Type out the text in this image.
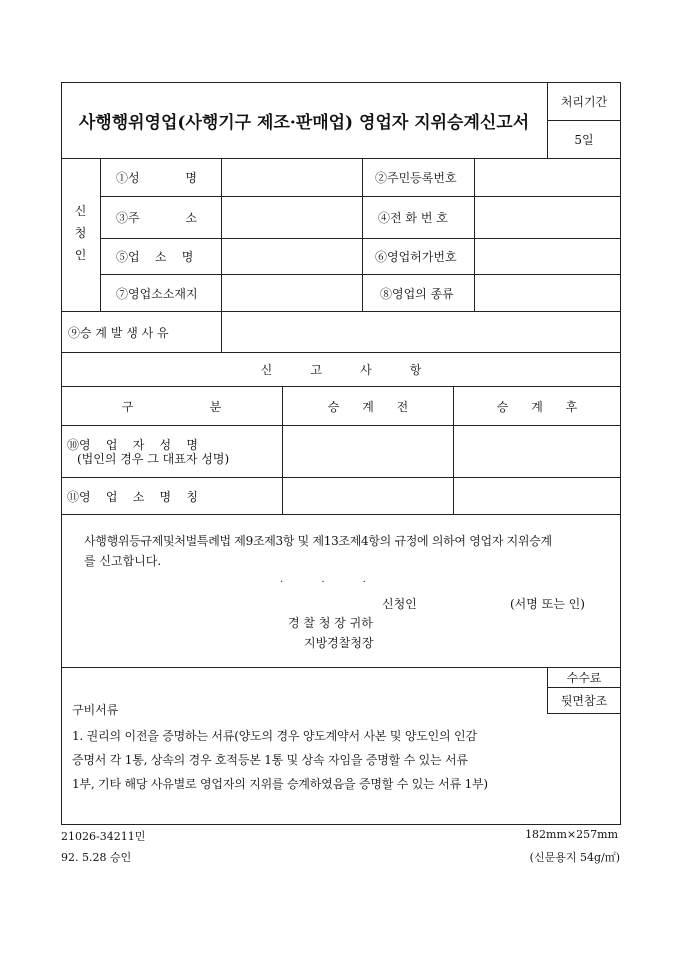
사행행위영업(사행기구 제조·판매업) 영업자 지위승계신고서
처리기간
5일
신
청
인
①성            명	②주민등록번호
③주            소	④전 화 번 호
⑤업    소    명	⑥영업허가번호
⑦영업소소재지	⑧영업의 종류
⑨승 계 발 생 사 유
신          고          사          항
구                    분	승      계      전	승      계      후
⑩영    업    자    성    명
(법인의 경우 그 대표자 성명)
⑪영    업    소    명    칭
사행행위등규제및처벌특례법 제9조제3항 및 제13조제4항의 규정에 의하여 영업자 지위승계
를 신고합니다.
.            .            .
신청인	(서명 또는 인)
경 찰 청 장 귀하
지방경찰청장
수수료
뒷면참조
구비서류
1. 권리의 이전을 증명하는 서류(양도의 경우 양도계약서 사본 및 양도인의 인감
증명서 각 1통, 상속의 경우 호적등본 1통 및 상속 자임을 증명할 수 있는 서류
1부, 기타 해당 사유별로 영업자의 지위를 승계하였음을 증명할 수 있는 서류 1부)
21026-34211민
92. 5.28 승인
182mm×257mm
(신문용지 54g/㎡)
